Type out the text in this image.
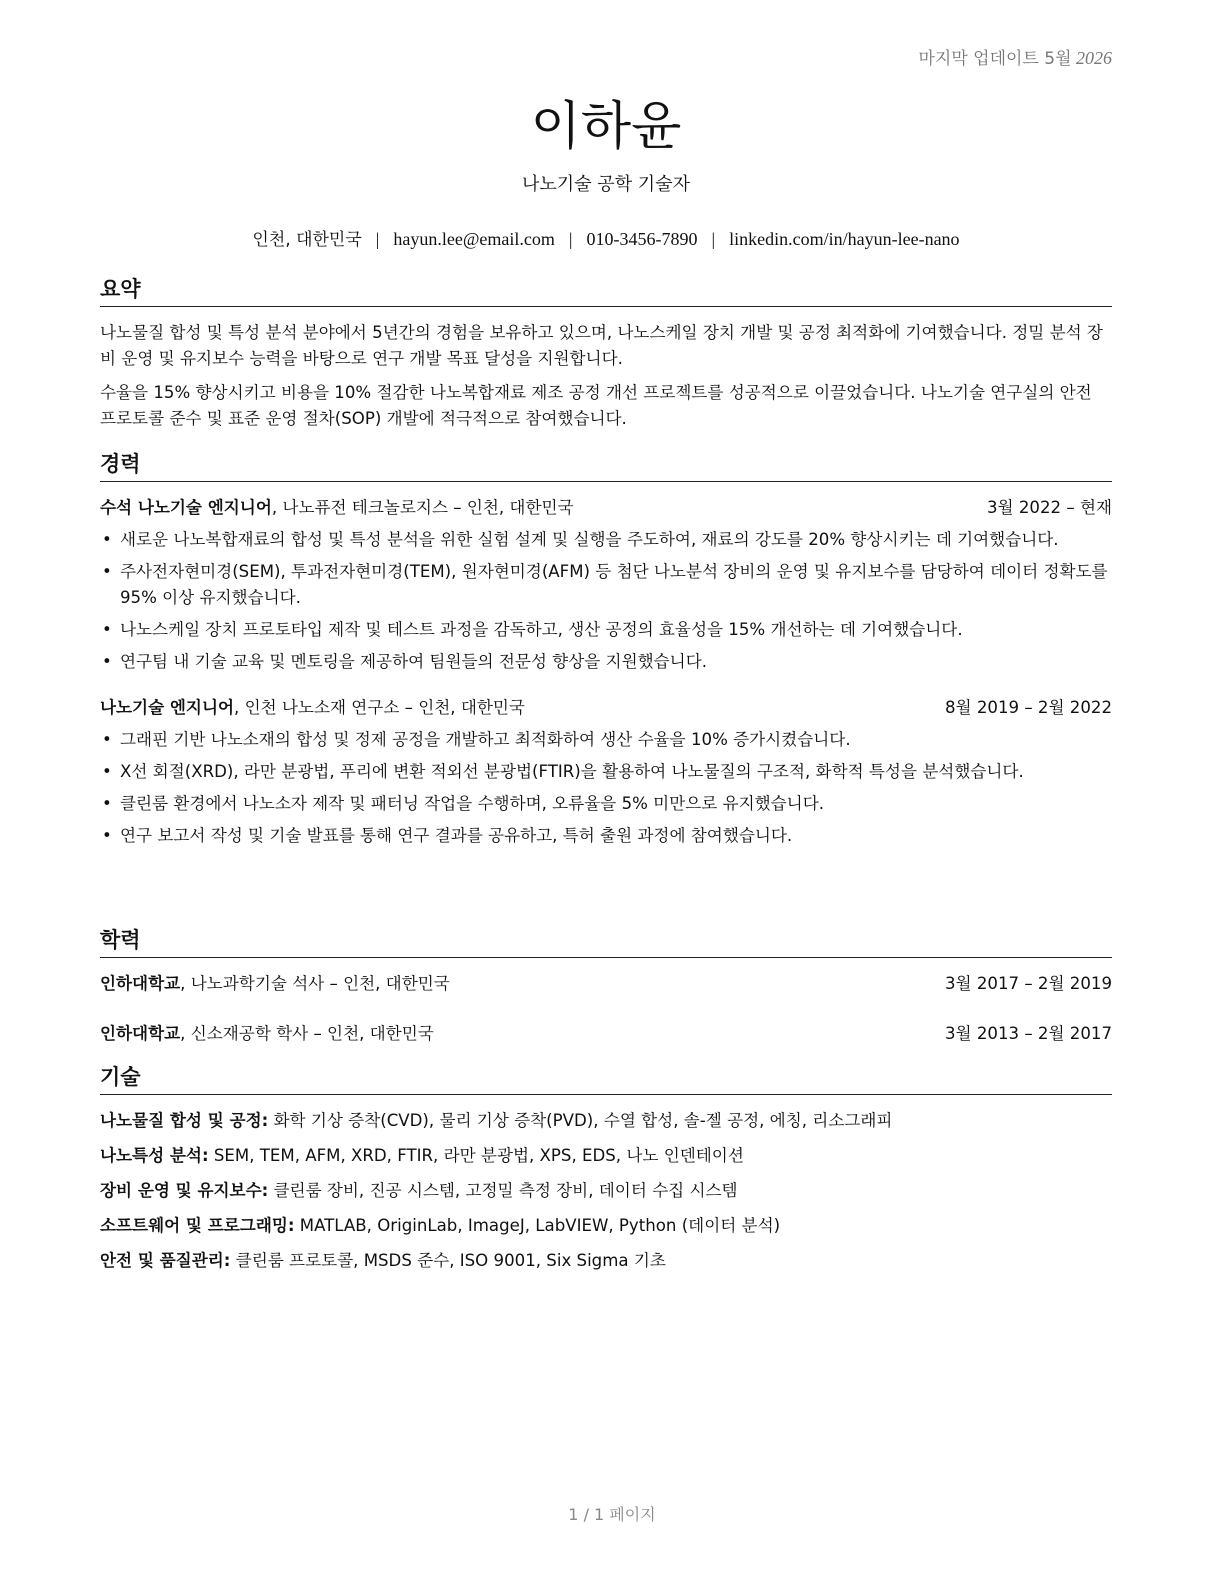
마지막 업데이트 5월 2026
이하윤
나노기술 공학 기술자
인천, 대한민국 | hayun.lee@email.com | 010-3456-7890 | linkedin.com/in/hayun-lee-nano
요약

나노물질 합성 및 특성 분석 분야에서 5년간의 경험을 보유하고 있으며, 나노스케일 장치 개발 및 공정 최적화에 기여했습니다. 정밀 분석 장비 운영 및 유지보수 능력을 바탕으로 연구 개발 목표 달성을 지원합니다.

수율을 15% 향상시키고 비용을 10% 절감한 나노복합재료 제조 공정 개선 프로젝트를 성공적으로 이끌었습니다. 나노기술 연구실의 안전 프로토콜 준수 및 표준 운영 절차(SOP) 개발에 적극적으로 참여했습니다.

경력
수석 나노기술 엔지니어, 나노퓨전 테크놀로지스 – 인천, 대한민국	3월 2022 – 현재
• 새로운 나노복합재료의 합성 및 특성 분석을 위한 실험 설계 및 실행을 주도하여, 재료의 강도를 20% 향상시키는 데 기여했습니다.
• 주사전자현미경(SEM), 투과전자현미경(TEM), 원자현미경(AFM) 등 첨단 나노분석 장비의 운영 및 유지보수를 담당하여 데이터 정확도를 95% 이상 유지했습니다.
• 나노스케일 장치 프로토타입 제작 및 테스트 과정을 감독하고, 생산 공정의 효율성을 15% 개선하는 데 기여했습니다.
• 연구팀 내 기술 교육 및 멘토링을 제공하여 팀원들의 전문성 향상을 지원했습니다.
나노기술 엔지니어, 인천 나노소재 연구소 – 인천, 대한민국	8월 2019 – 2월 2022
• 그래핀 기반 나노소재의 합성 및 정제 공정을 개발하고 최적화하여 생산 수율을 10% 증가시켰습니다.
• X선 회절(XRD), 라만 분광법, 푸리에 변환 적외선 분광법(FTIR)을 활용하여 나노물질의 구조적, 화학적 특성을 분석했습니다.
• 클린룸 환경에서 나노소자 제작 및 패터닝 작업을 수행하며, 오류율을 5% 미만으로 유지했습니다.
• 연구 보고서 작성 및 기술 발표를 통해 연구 결과를 공유하고, 특허 출원 과정에 참여했습니다.
학력
인하대학교, 나노과학기술 석사 – 인천, 대한민국	3월 2017 – 2월 2019
인하대학교, 신소재공학 학사 – 인천, 대한민국	3월 2013 – 2월 2017
기술
나노물질 합성 및 공정: 화학 기상 증착(CVD), 물리 기상 증착(PVD), 수열 합성, 솔-젤 공정, 에칭, 리소그래피
나노특성 분석: SEM, TEM, AFM, XRD, FTIR, 라만 분광법, XPS, EDS, 나노 인덴테이션
장비 운영 및 유지보수: 클린룸 장비, 진공 시스템, 고정밀 측정 장비, 데이터 수집 시스템
소프트웨어 및 프로그래밍: MATLAB, OriginLab, ImageJ, LabVIEW, Python (데이터 분석)
안전 및 품질관리: 클린룸 프로토콜, MSDS 준수, ISO 9001, Six Sigma 기초
1 / 1 페이지
